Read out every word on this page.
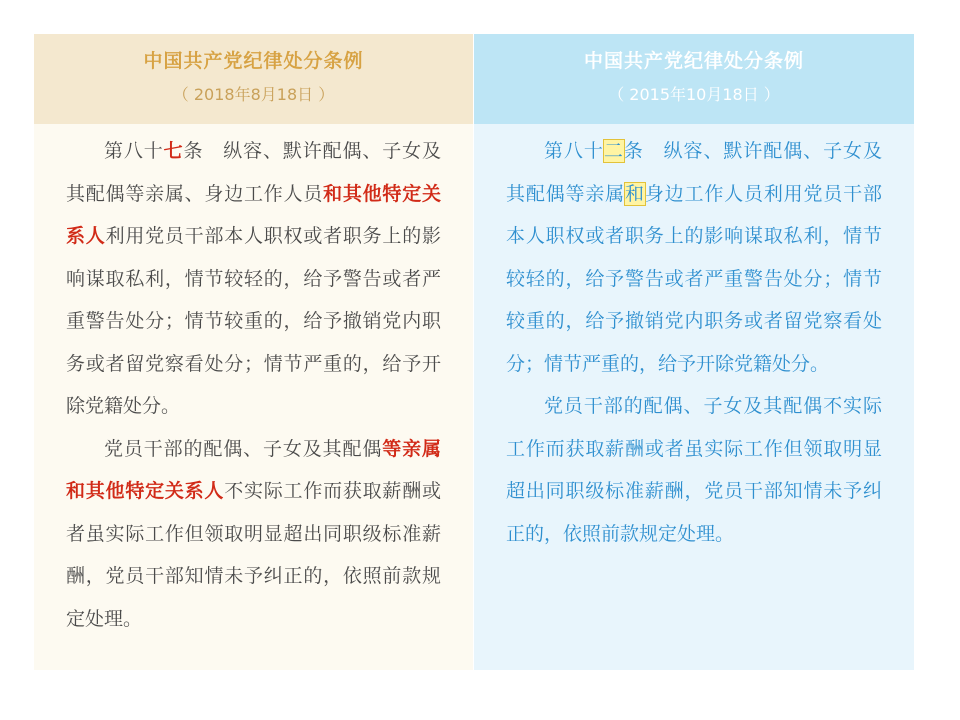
中国共产党纪律处分条例
（ 2018年8月18日 ）

第八十七条　纵容、默许配偶、子女及其配偶等亲属、身边工作人员和其他特定关系人利用党员干部本人职权或者职务上的影响谋取私利，情节较轻的，给予警告或者严重警告处分；情节较重的，给予撤销党内职务或者留党察看处分；情节严重的，给予开除党籍处分。

党员干部的配偶、子女及其配偶等亲属和其他特定关系人不实际工作而获取薪酬或者虽实际工作但领取明显超出同职级标准薪酬，党员干部知情未予纠正的，依照前款规定处理。

中国共产党纪律处分条例
（ 2015年10月18日 ）

第八十二条　纵容、默许配偶、子女及其配偶等亲属和身边工作人员利用党员干部本人职权或者职务上的影响谋取私利，情节较轻的，给予警告或者严重警告处分；情节较重的，给予撤销党内职务或者留党察看处分；情节严重的，给予开除党籍处分。

党员干部的配偶、子女及其配偶不实际工作而获取薪酬或者虽实际工作但领取明显超出同职级标准薪酬，党员干部知情未予纠正的，依照前款规定处理。
